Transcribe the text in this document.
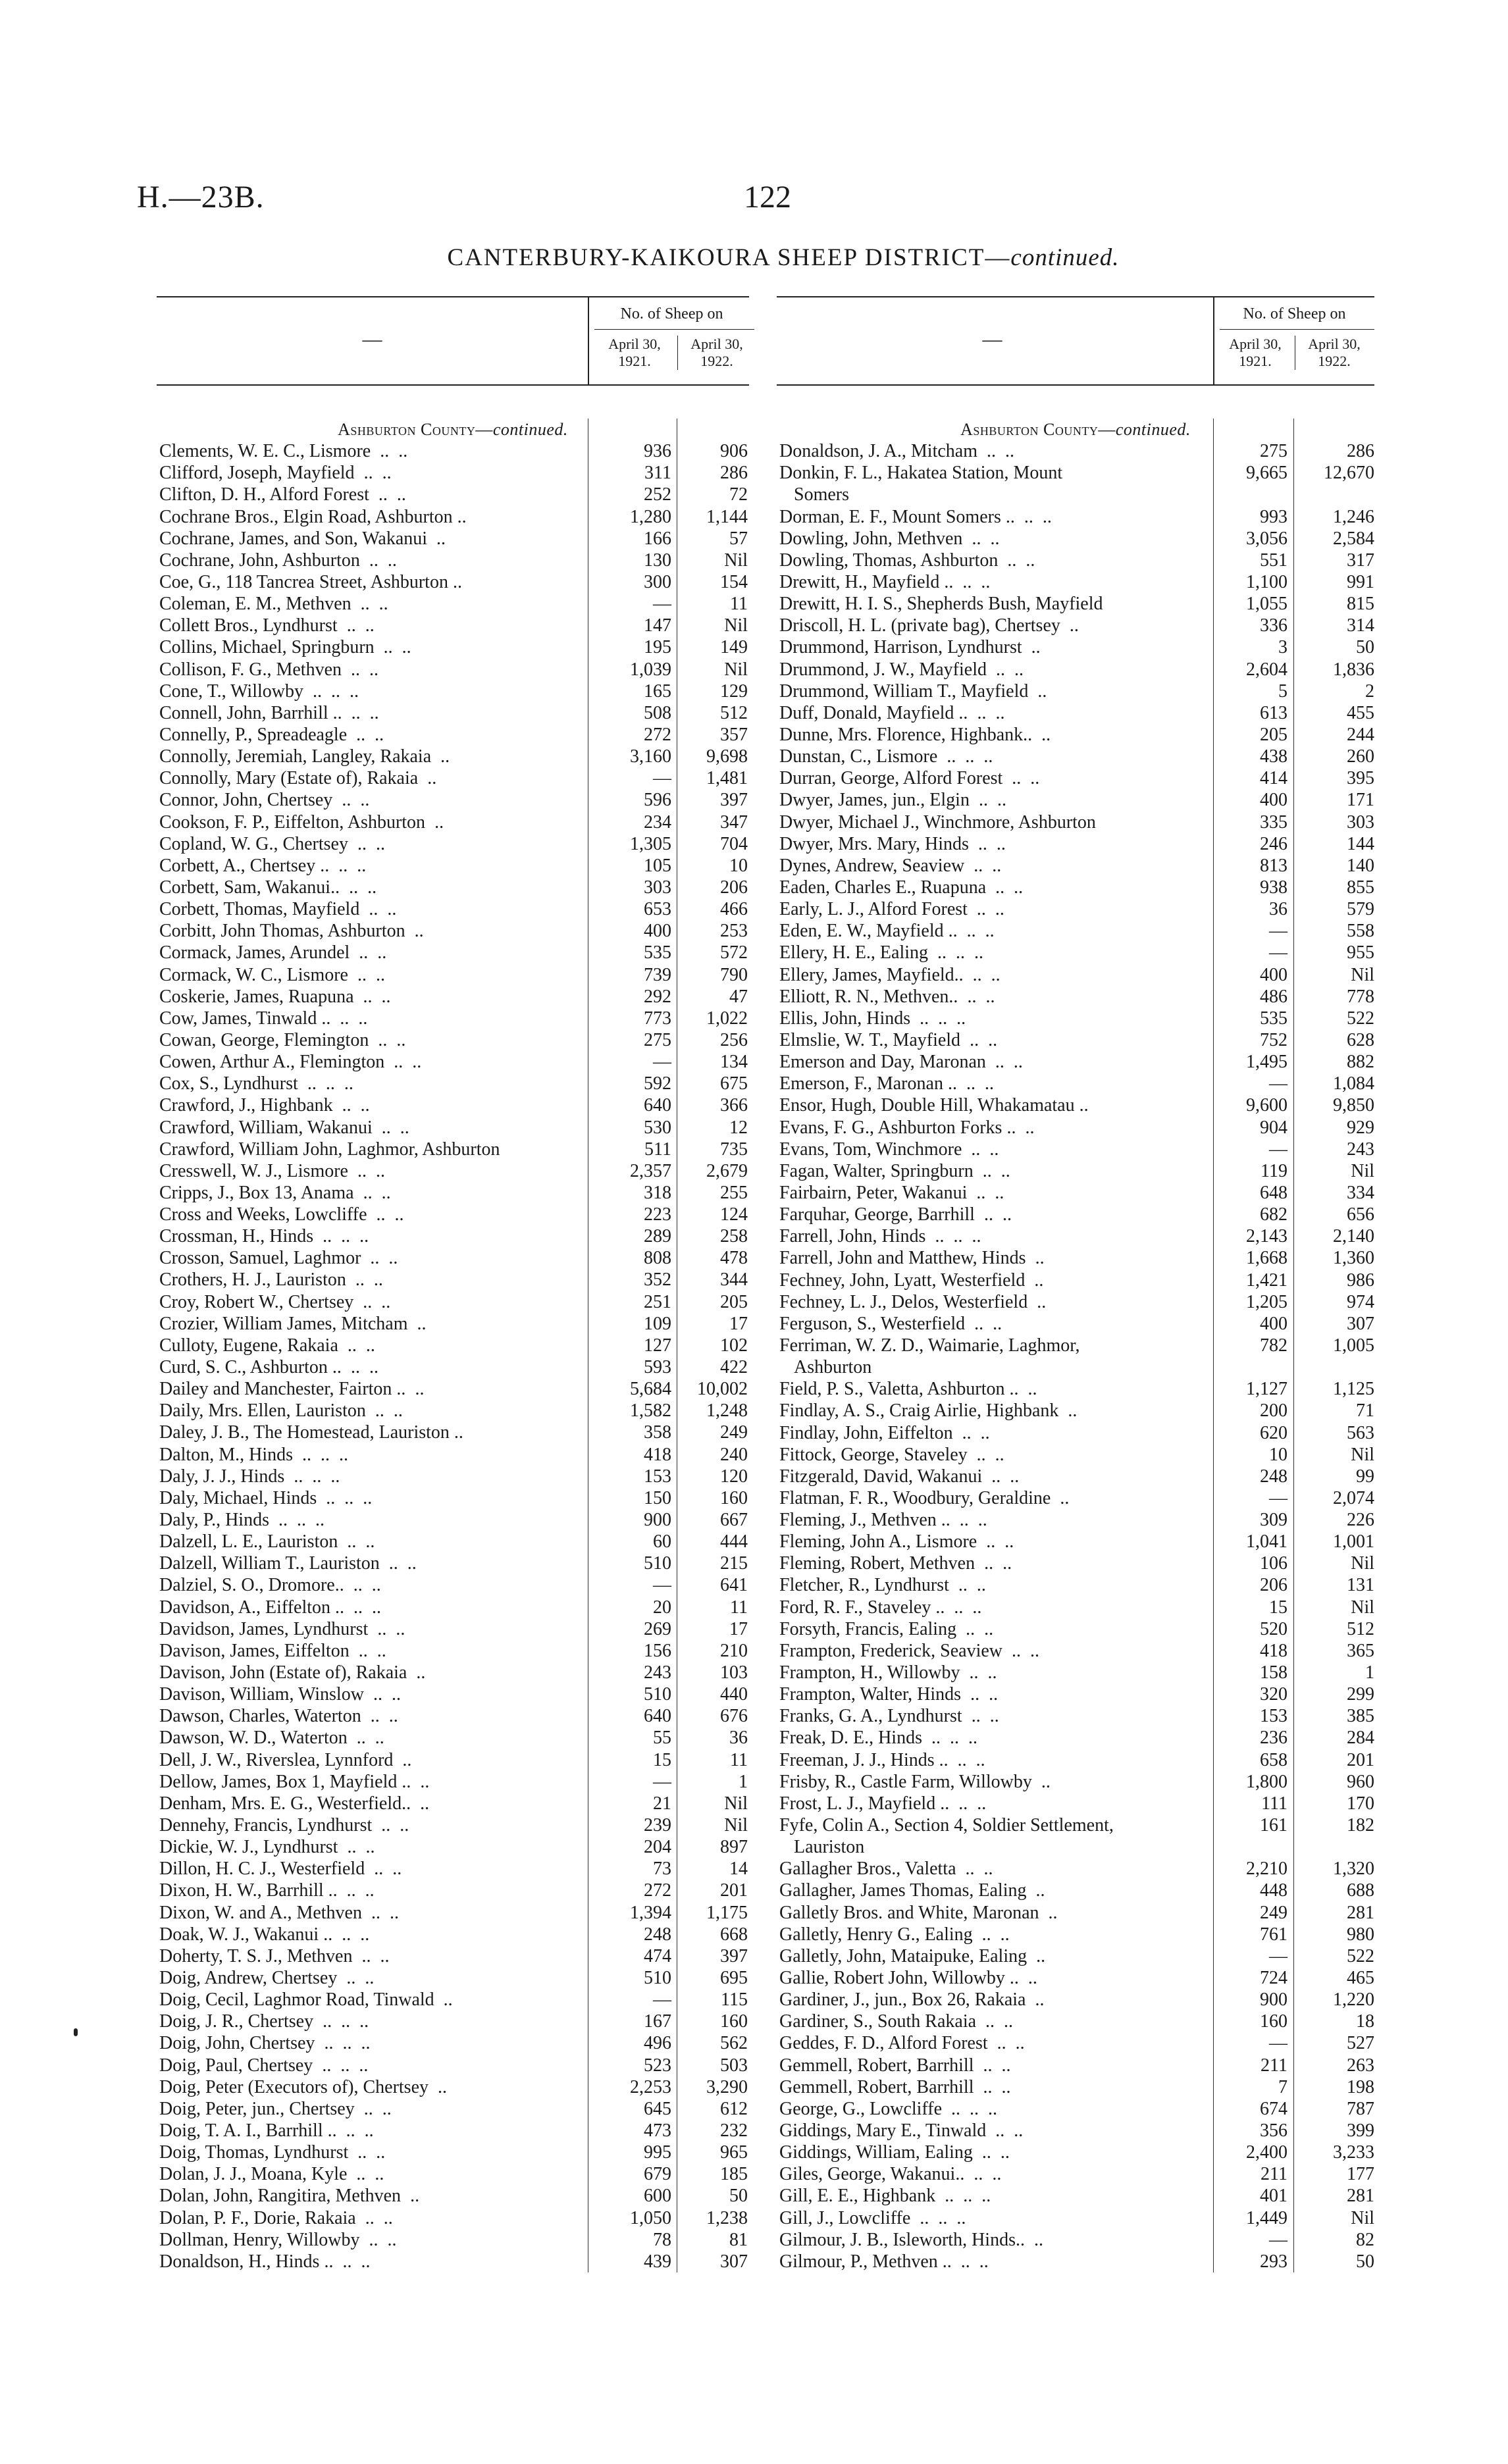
H.—23B.	122
CANTERBURY-KAIKOURA SHEEP DISTRICT—continued.
—
No. of Sheep on
April 30, 1921.
April 30, 1922.
Ashburton County—continued.
Clements, W. E. C., Lismore  ..  ..	936	906
Clifford, Joseph, Mayfield  ..  ..	311	286
Clifton, D. H., Alford Forest  ..  ..	252	72
Cochrane Bros., Elgin Road, Ashburton ..	1,280 1,144
Cochrane, James, and Son, Wakanui  ..	166	57
Cochrane, John, Ashburton  ..  ..	130	Nil
Coe, G., 118 Tancrea Street, Ashburton ..	300	154
Coleman, E. M., Methven  ..  ..	—	11
Collett Bros., Lyndhurst  ..  ..	147	Nil
Collins, Michael, Springburn  ..  ..	195	149
Collison, F. G., Methven  ..  ..	1,039	Nil
Cone, T., Willowby  ..  ..  ..	165	129
Connell, John, Barrhill ..  ..  ..	508	512
Connelly, P., Spreadeagle  ..  ..	272	357
Connolly, Jeremiah, Langley, Rakaia  ..	3,160 9,698
Connolly, Mary (Estate of), Rakaia  ..	— 1,481
Connor, John, Chertsey  ..  ..	596	397
Cookson, F. P., Eiffelton, Ashburton  ..	234	347
Copland, W. G., Chertsey  ..  ..	1,305	704
Corbett, A., Chertsey ..  ..  ..	105	10
Corbett, Sam, Wakanui..  ..  ..	303	206
Corbett, Thomas, Mayfield  ..  ..	653	466
Corbitt, John Thomas, Ashburton  ..	400	253
Cormack, James, Arundel  ..  ..	535	572
Cormack, W. C., Lismore  ..  ..	739	790
Coskerie, James, Ruapuna  ..  ..	292	47
Cow, James, Tinwald ..  ..  ..	773 1,022
Cowan, George, Flemington  ..  ..	275	256
Cowen, Arthur A., Flemington  ..  ..	—	134
Cox, S., Lyndhurst  ..  ..  ..	592	675
Crawford, J., Highbank  ..  ..	640	366
Crawford, William, Wakanui  ..  ..	530	12
Crawford, William John, Laghmor, Ashburton	511	735
Cresswell, W. J., Lismore  ..  ..	2,357 2,679
Cripps, J., Box 13, Anama  ..  ..	318	255
Cross and Weeks, Lowcliffe  ..  ..	223	124
Crossman, H., Hinds  ..  ..  ..	289	258
Crosson, Samuel, Laghmor  ..  ..	808	478
Crothers, H. J., Lauriston  ..  ..	352	344
Croy, Robert W., Chertsey  ..  ..	251	205
Crozier, William James, Mitcham  ..	109	17
Culloty, Eugene, Rakaia  ..  ..	127	102
Curd, S. C., Ashburton ..  ..  ..	593	422
Dailey and Manchester, Fairton ..  ..	5,684 10,002
Daily, Mrs. Ellen, Lauriston  ..  ..	1,582 1,248
Daley, J. B., The Homestead, Lauriston ..	358	249
Dalton, M., Hinds  ..  ..  ..	418	240
Daly, J. J., Hinds  ..  ..  ..	153	120
Daly, Michael, Hinds  ..  ..  ..	150	160
Daly, P., Hinds  ..  ..  ..	900	667
Dalzell, L. E., Lauriston  ..  ..	60	444
Dalzell, William T., Lauriston  ..  ..	510	215
Dalziel, S. O., Dromore..  ..  ..	—	641
Davidson, A., Eiffelton ..  ..  ..	20	11
Davidson, James, Lyndhurst  ..  ..	269	17
Davison, James, Eiffelton  ..  ..	156	210
Davison, John (Estate of), Rakaia  ..	243	103
Davison, William, Winslow  ..  ..	510	440
Dawson, Charles, Waterton  ..  ..	640	676
Dawson, W. D., Waterton  ..  ..	55	36
Dell, J. W., Riverslea, Lynnford  ..	15	11
Dellow, James, Box 1, Mayfield ..  ..	—	1
Denham, Mrs. E. G., Westerfield..  ..	21	Nil
Dennehy, Francis, Lyndhurst  ..  ..	239	Nil
Dickie, W. J., Lyndhurst  ..  ..	204	897
Dillon, H. C. J., Westerfield  ..  ..	73	14
Dixon, H. W., Barrhill ..  ..  ..	272	201
Dixon, W. and A., Methven  ..  ..	1,394 1,175
Doak, W. J., Wakanui ..  ..  ..	248	668
Doherty, T. S. J., Methven  ..  ..	474	397
Doig, Andrew, Chertsey  ..  ..	510	695
Doig, Cecil, Laghmor Road, Tinwald  ..	—	115
Doig, J. R., Chertsey  ..  ..  ..	167	160
Doig, John, Chertsey  ..  ..  ..	496	562
Doig, Paul, Chertsey  ..  ..  ..	523	503
Doig, Peter (Executors of), Chertsey  ..	2,253 3,290
Doig, Peter, jun., Chertsey  ..  ..	645	612
Doig, T. A. I., Barrhill ..  ..  ..	473	232
Doig, Thomas, Lyndhurst  ..  ..	995	965
Dolan, J. J., Moana, Kyle  ..  ..	679	185
Dolan, John, Rangitira, Methven  ..	600	50
Dolan, P. F., Dorie, Rakaia  ..  ..	1,050 1,238
Dollman, Henry, Willowby  ..  ..	78	81
Donaldson, H., Hinds ..  ..  ..	439	307
—
No. of Sheep on
April 30, 1921.
April 30, 1922.
Ashburton County—continued.
Donaldson, J. A., Mitcham  ..  ..	275	286
Donkin, F. L., Hakatea Station, Mount
Somers
9,665 12,670
Dorman, E. F., Mount Somers ..  ..  ..	993 1,246
Dowling, John, Methven  ..  ..	3,056 2,584
Dowling, Thomas, Ashburton  ..  ..	551	317
Drewitt, H., Mayfield ..  ..  ..	1,100	991
Drewitt, H. I. S., Shepherds Bush, Mayfield	1,055	815
Driscoll, H. L. (private bag), Chertsey  ..	336	314
Drummond, Harrison, Lyndhurst  ..	3	50
Drummond, J. W., Mayfield  ..  ..	2,604 1,836
Drummond, William T., Mayfield  ..	5	2
Duff, Donald, Mayfield ..  ..  ..	613	455
Dunne, Mrs. Florence, Highbank..  ..	205	244
Dunstan, C., Lismore  ..  ..  ..	438	260
Durran, George, Alford Forest  ..  ..	414	395
Dwyer, James, jun., Elgin  ..  ..	400	171
Dwyer, Michael J., Winchmore, Ashburton	335	303
Dwyer, Mrs. Mary, Hinds  ..  ..	246	144
Dynes, Andrew, Seaview  ..  ..	813	140
Eaden, Charles E., Ruapuna  ..  ..	938	855
Early, L. J., Alford Forest  ..  ..	36	579
Eden, E. W., Mayfield ..  ..  ..	—	558
Ellery, H. E., Ealing  ..  ..  ..	—	955
Ellery, James, Mayfield..  ..  ..	400	Nil
Elliott, R. N., Methven..  ..  ..	486	778
Ellis, John, Hinds  ..  ..  ..	535	522
Elmslie, W. T., Mayfield  ..  ..	752	628
Emerson and Day, Maronan  ..  ..	1,495	882
Emerson, F., Maronan ..  ..  ..	— 1,084
Ensor, Hugh, Double Hill, Whakamatau ..	9,600 9,850
Evans, F. G., Ashburton Forks ..  ..	904	929
Evans, Tom, Winchmore  ..  ..	—	243
Fagan, Walter, Springburn  ..  ..	119	Nil
Fairbairn, Peter, Wakanui  ..  ..	648	334
Farquhar, George, Barrhill  ..  ..	682	656
Farrell, John, Hinds  ..  ..  ..	2,143 2,140
Farrell, John and Matthew, Hinds  ..	1,668 1,360
Fechney, John, Lyatt, Westerfield  ..	1,421	986
Fechney, L. J., Delos, Westerfield  ..	1,205	974
Ferguson, S., Westerfield  ..  ..	400	307
Ferriman, W. Z. D., Waimarie, Laghmor,
Ashburton
782 1,005
Field, P. S., Valetta, Ashburton ..  ..	1,127 1,125
Findlay, A. S., Craig Airlie, Highbank  ..	200	71
Findlay, John, Eiffelton  ..  ..	620	563
Fittock, George, Staveley  ..  ..	10	Nil
Fitzgerald, David, Wakanui  ..  ..	248	99
Flatman, F. R., Woodbury, Geraldine  ..	— 2,074
Fleming, J., Methven ..  ..  ..	309	226
Fleming, John A., Lismore  ..  ..	1,041 1,001
Fleming, Robert, Methven  ..  ..	106	Nil
Fletcher, R., Lyndhurst  ..  ..	206	131
Ford, R. F., Staveley ..  ..  ..	15	Nil
Forsyth, Francis, Ealing  ..  ..	520	512
Frampton, Frederick, Seaview  ..  ..	418	365
Frampton, H., Willowby  ..  ..	158	1
Frampton, Walter, Hinds  ..  ..	320	299
Franks, G. A., Lyndhurst  ..  ..	153	385
Freak, D. E., Hinds  ..  ..  ..	236	284
Freeman, J. J., Hinds ..  ..  ..	658	201
Frisby, R., Castle Farm, Willowby  ..	1,800	960
Frost, L. J., Mayfield ..  ..  ..	111	170
Fyfe, Colin A., Section 4, Soldier Settlement,
Lauriston
161	182
Gallagher Bros., Valetta  ..  ..	2,210 1,320
Gallagher, James Thomas, Ealing  ..	448	688
Galletly Bros. and White, Maronan  ..	249	281
Galletly, Henry G., Ealing  ..  ..	761	980
Galletly, John, Mataipuke, Ealing  ..	—	522
Gallie, Robert John, Willowby ..  ..	724	465
Gardiner, J., jun., Box 26, Rakaia  ..	900 1,220
Gardiner, S., South Rakaia  ..  ..	160	18
Geddes, F. D., Alford Forest  ..  ..	—	527
Gemmell, Robert, Barrhill  ..  ..	211	263
Gemmell, Robert, Barrhill  ..  ..	7	198
George, G., Lowcliffe  ..  ..  ..	674	787
Giddings, Mary E., Tinwald  ..  ..	356	399
Giddings, William, Ealing  ..  ..	2,400 3,233
Giles, George, Wakanui..  ..  ..	211	177
Gill, E. E., Highbank  ..  ..  ..	401	281
Gill, J., Lowcliffe  ..  ..  ..	1,449	Nil
Gilmour, J. B., Isleworth, Hinds..  ..	—	82
Gilmour, P., Methven ..  ..  ..	293	50
